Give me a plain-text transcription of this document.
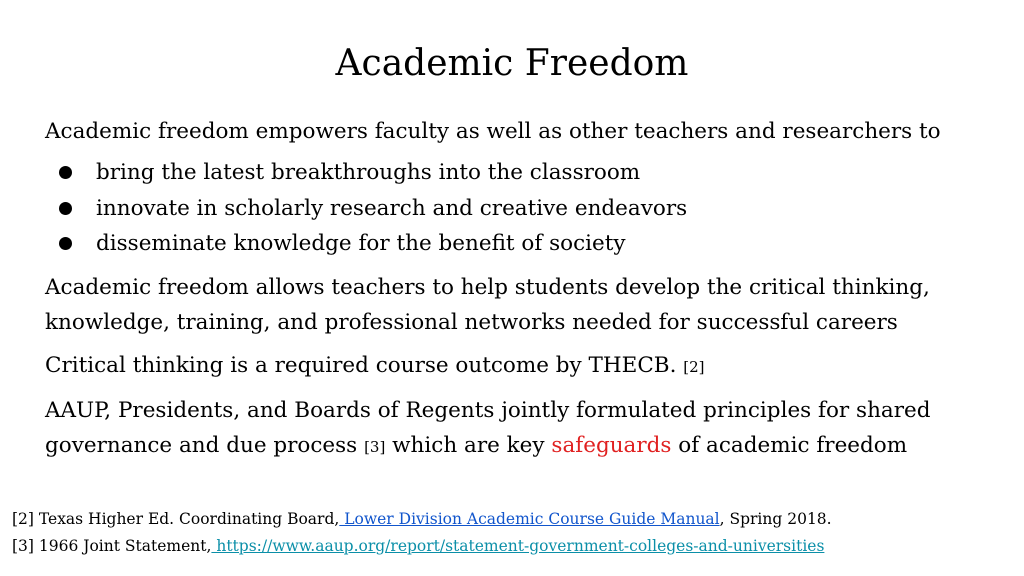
Academic Freedom

Academic freedom empowers faculty as well as other teachers and researchers to

bring the latest breakthroughs into the classroom
innovate in scholarly research and creative endeavors
disseminate knowledge for the benefit of society

Academic freedom allows teachers to help students develop the critical thinking,
knowledge, training, and professional networks needed for successful careers

Critical thinking is a required course outcome by THECB. [2]

AAUP, Presidents, and Boards of Regents jointly formulated principles for shared
governance and due process [3] which are key safeguards of academic freedom

[2] Texas Higher Ed. Coordinating Board, Lower Division Academic Course Guide Manual, Spring 2018.
[3] 1966 Joint Statement, https://www.aaup.org/report/statement-government-colleges-and-universities
